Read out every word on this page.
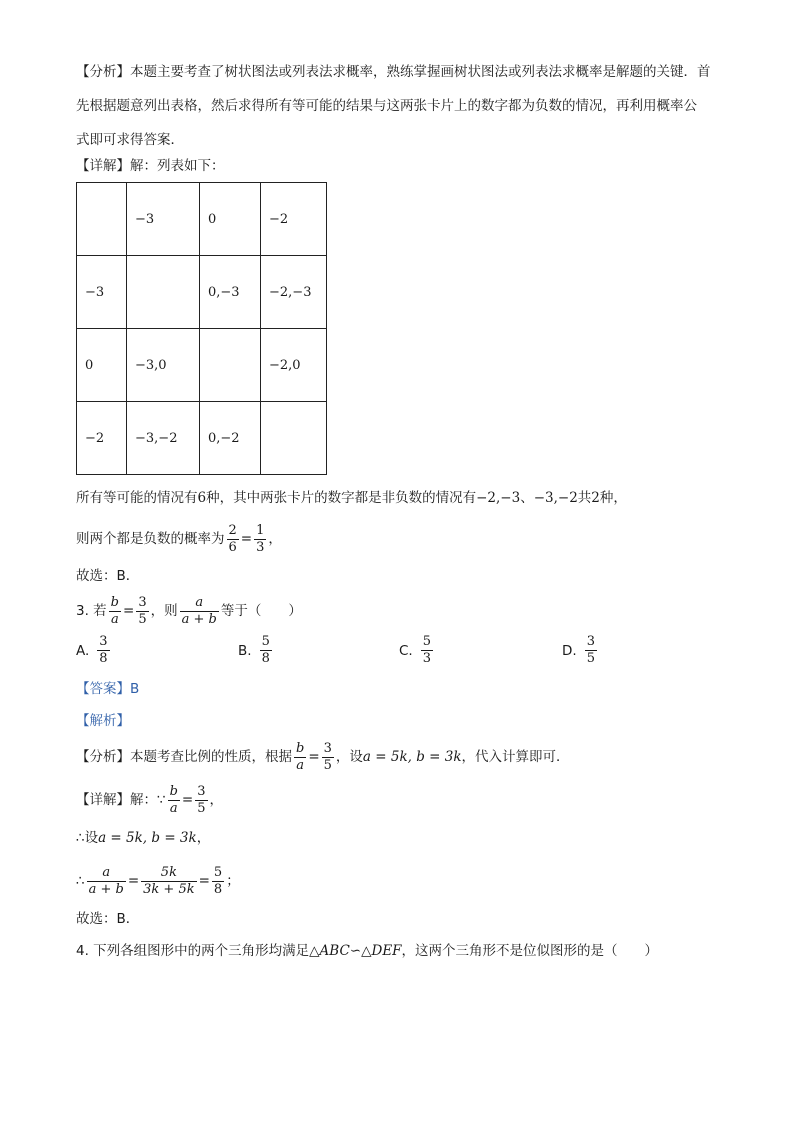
【分析】本题主要考查了树状图法或列表法求概率，熟练掌握画树状图法或列表法求概率是解题的关键．首
先根据题意列出表格，然后求得所有等可能的结果与这两张卡片上的数字都为负数的情况，再利用概率公
式即可求得答案．
【详解】解：列表如下：
	−3	0	−2
−3		0,−3	−2,−3
0	−3,0		−2,0
−2	−3,−2	0,−2	
所有等可能的情况有6种，其中两张卡片的数字都是非负数的情况有−2,−3、−3,−2共2种，
则两个都是负数的概率为 $\frac{2}{6} = \frac{1}{3}$ ，
故选：B．
3. 若 $\frac{b}{a} = \frac{3}{5}$ ，则 $\frac{a}{a + b}$ 等于（　　）
A. $\frac{3}{8}$	B. $\frac{5}{8}$	C. $\frac{5}{3}$	D. $\frac{3}{5}$
【答案】B
【解析】
【分析】本题考查比例的性质，根据 $\frac{b}{a} = \frac{3}{5}$ ，设a = 5k, b = 3k，代入计算即可．
【详解】解：∵ $\frac{b}{a} = \frac{3}{5}$ ，
∴设a = 5k, b = 3k，
∴ $\frac{a}{a + b} = \frac{5k}{3k + 5k} = \frac{5}{8}$ ；
故选：B．
4. 下列各组图形中的两个三角形均满足△ABC∽△DEF，这两个三角形不是位似图形的是（　　）
